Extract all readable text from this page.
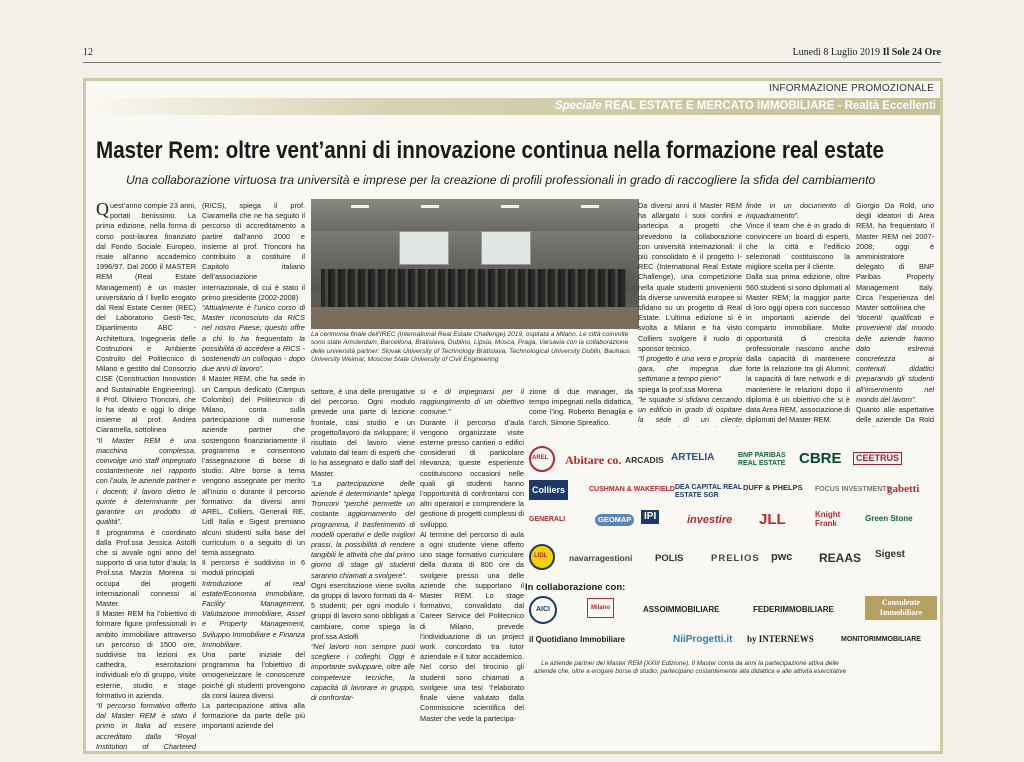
12	Lunedì 8 Luglio 2019 Il Sole 24 Ore
INFORMAZIONE PROMOZIONALE
Speciale REAL ESTATE E MERCATO IMMOBILIARE - Realtà Eccellenti
Master Rem: oltre vent’anni di innovazione continua nella formazione real estate
Una collaborazione virtuosa tra università e imprese per la creazione di profili professionali in grado di raccogliere la sfida del cambiamento

Quest’anno compie 23 anni, portati benissimo. La prima edizione, nella forma di corso post-laurea finanziato dal Fondo Sociale Europeo, risale all’anno accademico 1996/97. Dal 2000 il MASTER REM (Real Estate Management) è un master universitario di I livello erogato dal Real Estate Center (REC) del Laboratorio Gesti-Tec, Dipartimento ABC - Architettura, Ingegneria delle Costruzioni e Ambiente Costruito del Politecnico di Milano e gestito dal Consorzio CISE (Construction Innovation and Sustainable Engineering). Il Prof. Oliviero Tronconi, che lo ha ideato e oggi lo dirige insieme al prof. Andrea Ciaramella, sottolinea

“Il Master REM è una macchina complessa, coinvolge uno staff impegnato costantemente nel rapporto con l’aula, le aziende partner e i docenti; il lavoro dietro le quinte è determinante per garantire un prodotto di qualità”.

Il programma è coordinato dalla Prof.ssa Jessica Astolfi che si avvale ogni anno del supporto di una tutor d’aula; la Prof.ssa Marzia Morena si occupa dei progetti internazionali connessi al Master.

Il Master REM ha l’obiettivo di formare figure professionali in ambito immobiliare attraverso un percorso di 1500 ore, suddivise tra lezioni ex cathedra, esercitazioni individuali e/o di gruppo, visite esterne, studio e stage formativo in azienda.

“Il percorso formativo offerto dal Master REM è stato il primo in Italia ad essere accreditato dalla “Royal Institution of Chartered

(RICS), spiega il prof. Ciaramella che ne ha seguito il percorso di accreditamento a partire dall’anno 2000 e insieme al prof. Tronconi ha contribuito a costituire il Capitolo italiano dell’associazione internazionale, di cui è stato il primo presidente (2002-2008)

“Attualmente è l’unico corso di Master riconosciuto da RICS nel nostro Paese; questo offre a chi lo ha frequentato la possibilità di accedere a RICS - sostenendo un colloquio - dopo due anni di lavoro”.

Il Master REM, che ha sede in un Campus dedicato (Campus Colombo) del Politecnico di Milano, conta sulla partecipazione di numerose aziende partner che sostengono finanziariamente il programma e consentono l’assegnazione di borse di studio. Altre borse a tema vengono assegnate per merito all’inizio o durante il percorso formativo: da diversi anni AREL, Colliers, Generali RE, Lidl Italia e Sigest premiano alcuni studenti sulla base del curriculum o a seguito di un tema assegnato.

Il percorso è suddiviso in 6 moduli principali

Introduzione al real estate/Economia immobiliare, Facility Management, Valutazione Immobiliare, Asset e Property Management, Sviluppo Immobiliare e Finanza Immobiliare.

Una parte iniziale del programma ha l’obiettivo di omogeneizzare le conoscenze poiché gli studenti provengono da corsi laurea diversi.

La partecipazione attiva alla formazione da parte delle più importanti aziende del

La cerimonia finale dell’IREC (International Real Estate Challenge) 2019, ospitata a Milano. Le città coinvolte sono state Amsterdam, Barcellona, Bratislava, Dublino, Lipsia, Mosca, Praga, Varsavia con la collaborazione delle università partner: Slovak University of Technology Bratislava, Technological University Dublin, Bauhaus University Weimar, Moscow State University of Civil Engineering

settore, è una delle prerogative del percorso. Ogni modulo prevede una parte di lezione frontale, casi studio e un progetto/lavoro da sviluppare; il risultato del lavoro viene valutato dal team di esperti che lo ha assegnato e dallo staff del Master.

“La partecipazione delle aziende è determinante” spiega Tronconi “perché permette un costante aggiornamento del programma, il trasferimento di modelli operativi e delle migliori prassi, la possibilità di rendere tangibili le attività che dal primo giorno di stage gli studenti saranno chiamati a svolgere”.

Ogni esercitazione viene svolta da gruppi di lavoro formati da 4-5 studenti; per ogni modulo i gruppi di lavoro sono obbligati a cambiare, come spiega la prof.ssa Astolfi

“Nel lavoro non sempre puoi scegliere i colleghi. Oggi è importante sviluppare, oltre alle competenze tecniche, la capacità di lavorare in gruppo, di confrontar-

si e di impegnarsi per il raggiungimento di un obiettivo comune.”

Durante il percorso d’aula vengono organizzate visite esterne presso cantieri o edifici considerati di particolare rilevanza; queste esperienze costituiscono occasioni nelle quali gli studenti hanno l’opportunità di confrontarsi con altri operatori e comprendere la gestione di progetti complessi di sviluppo.

Al termine del percorso di aula a ogni studente viene offerto uno stage formativo curriculare della durata di 800 ore da svolgere presso una delle aziende che supportano il Master REM. Lo stage formativo, convalidato dal Career Service del Politecnico di Milano, prevede l’individuazione di un project work concordato tra tutor aziendale e il tutor accademico. Nel corso del tirocinio gli studenti sono chiamati a svolgere una tesi ‘l’elaborato finale viene valutato dalla Commissione scientifica del Master che vede la partecipa-

zione di due manager, da tempo impegnati nella didattica, come l’ing. Roberto Benaglia e l’arch. Simone Spreafico.

Da diversi anni il Master REM ha allargato i suoi confini e partecipa a progetti che prevedono la collaborazione con università internazionali: il più consolidato è il progetto I-REC (International Real Estate Challenge), una competizione nella quale studenti provenienti da diverse università europee si sfidano su un progetto di Real Estate. L’ultima edizione si è svolta a Milano e ha visto Colliers svolgere il ruolo di sponsor tecnico.

“Il progetto è una vera e propria gara, che impegna due settimane a tempo pieno”

spiega la prof.ssa Morena

“le squadre si sfidano cercando un edificio in grado di ospitare la sede di un cliente

finite in un documento di inquadramento”.

Vince il team che è in grado di convincere un board di esperti, che la città e l’edificio selezionati costituiscono la migliore scelta per il cliente.

Dalla sua prima edizione, oltre 560 studenti si sono diplomati al Master REM; la maggior parte di loro oggi opera con successo in importanti aziende del comparto immobiliare. Molte opportunità di crescita professionale nascono anche dalla capacità di mantenere forte la relazione tra gli Alumni; la capacità di fare network e di mantenere le relazioni dopo il diploma è un obiettivo che si è data Area REM, associazione di diplomati del Master REM.

Giorgio Da Rold, uno degli ideatori di Area REM, ha frequentato il Master REM nel 2007-2008; oggi è amministratore delegato di BNP Paribas Property Management Italy. Circa l’esperienza del Master sottolinea che

“docenti qualificati e provenienti dal mondo delle aziende hanno dato estrema concretezza ai contenuti didattici preparando gli studenti all’inserimento nel mondo del lavoro”.

Quanto alle aspettative delle aziende Da Rold

AREL Abitare co. ARCADIS ARTELIA	BNP PARIBAS REAL ESTATE CBRE	CEETRUS
Colliers	CUSHMAN & WAKEFIELD DEA CAPITAL REAL ESTATE SGR
DUFF & PHELPS FOCUS INVESTMENTS
gabetti
GENERALI	GEOMAP	IPI	investire JLL	Knight Frank
Green Stone
LIDL	navarragestioni POLIS	PRELIOS pwc REAAS Sigest
In collaborazione con:
AICI	Milano	ASSOIMMOBILIARE	FEDERIMMOBILIARE
Consulente Immobiliare
il Quotidiano Immobiliare	NiiProgetti.it by INTERNEWS	MONITORIMMOBILIARE
Le aziende partner del Master REM (XXIII Edizione). Il Master conta da anni la partecipazione attiva delle aziende che, oltre a erogare borse di studio, partecipano costantemente alla didattica e alle attività esercitative
